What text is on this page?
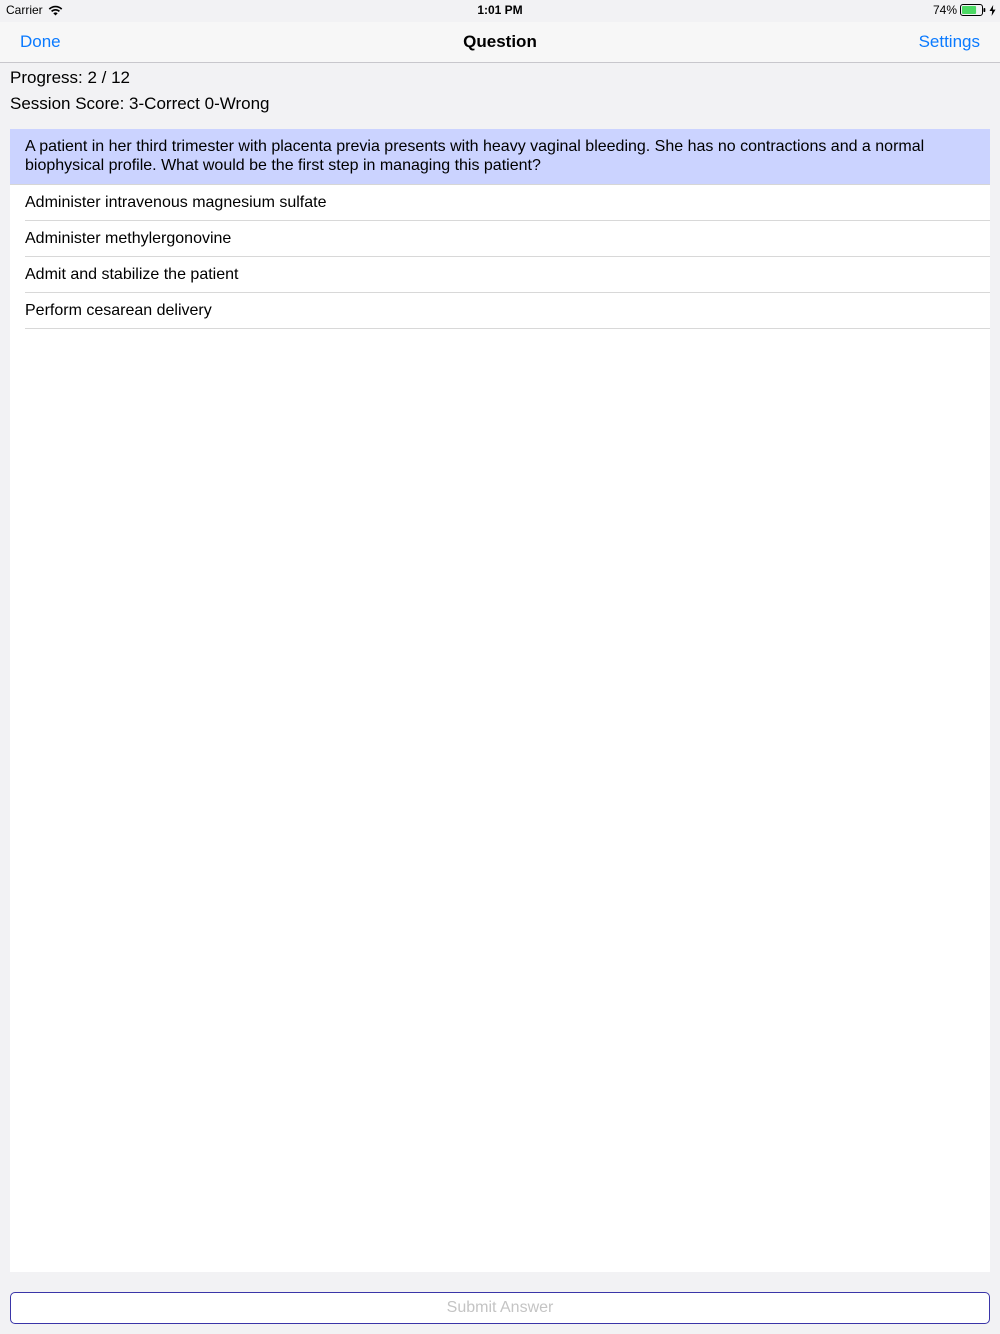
Carrier	1:01 PM	74%
Done	Question	Settings
Progress: 2 / 12
Session Score: 3-Correct 0-Wrong
A patient in her third trimester with placenta previa presents with heavy vaginal bleeding. She has no contractions and a normal biophysical profile. What would be the first step in managing this patient?
Administer intravenous magnesium sulfate
Administer methylergonovine
Admit and stabilize the patient
Perform cesarean delivery
Submit Answer
